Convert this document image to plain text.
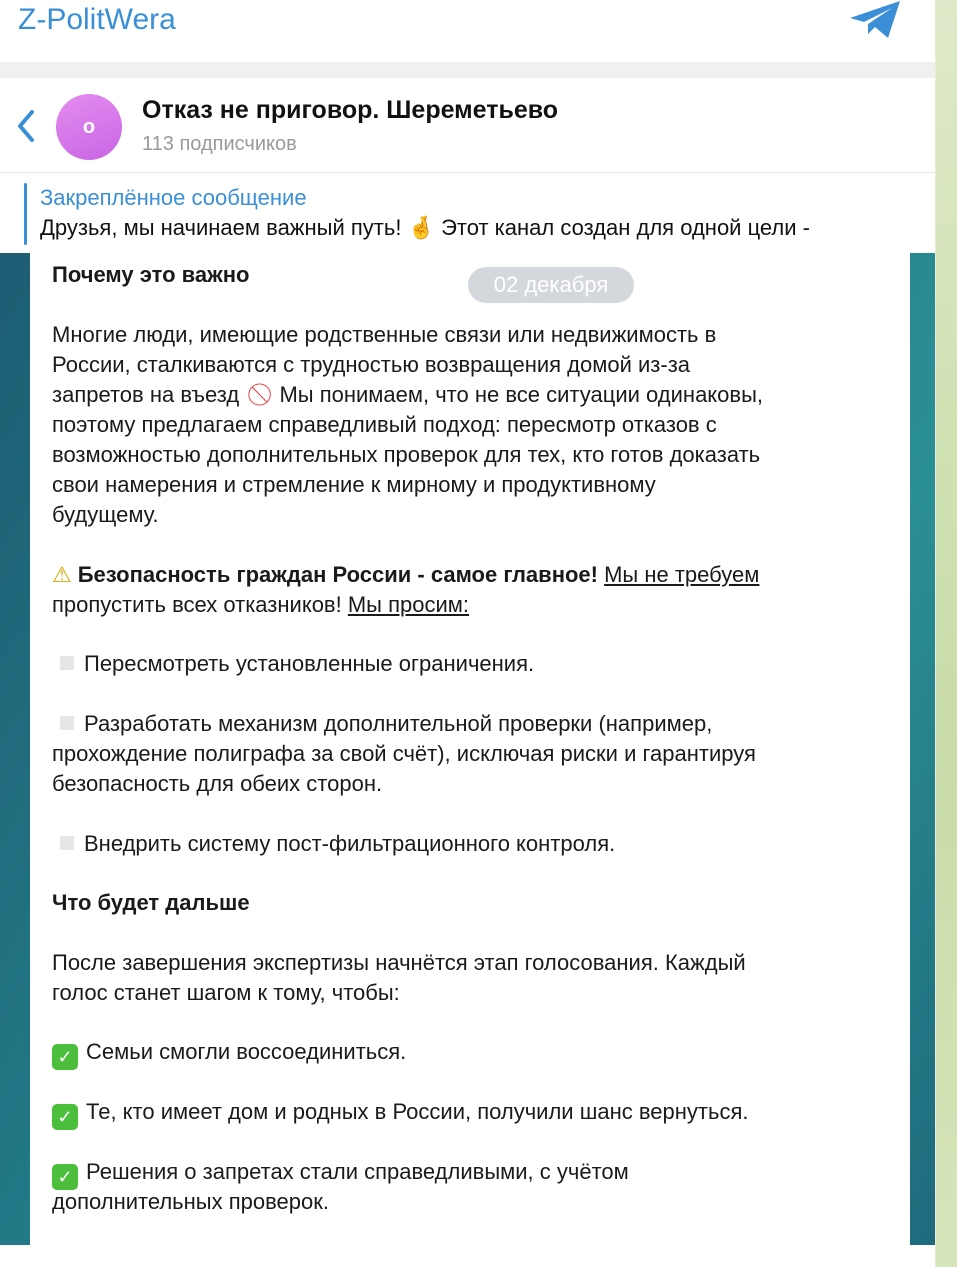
Z-PolitWera
o
Отказ не приговор. Шереметьево
113 подписчиков
Закреплённое сообщение
Друзья, мы начинаем важный путь! 🤞 Этот канал создан для одной цели -
02 декабря
Почему это важно
Многие люди, имеющие родственные связи или недвижимость в
России, сталкиваются с трудностью возвращения домой из-за
запретов на въезд 🚫︎ Мы понимаем, что не все ситуации одинаковы,
поэтому предлагаем справедливый подход: пересмотр отказов с
возможностью дополнительных проверок для тех, кто готов доказать
свои намерения и стремление к мирному и продуктивному
будущему.
⚠ Безопасность граждан России - самое главное! Мы не требуем
пропустить всех отказников! Мы просим:
Пересмотреть установленные ограничения.
Разработать механизм дополнительной проверки (например,
прохождение полиграфа за свой счёт), исключая риски и гарантируя
безопасность для обеих сторон.
Внедрить систему пост-фильтрационного контроля.
Что будет дальше
После завершения экспертизы начнётся этап голосования. Каждый
голос станет шагом к тому, чтобы:
✓ Семьи смогли воссоединиться.
✓ Те, кто имеет дом и родных в России, получили шанс вернуться.
✓ Решения о запретах стали справедливыми, с учётом
дополнительных проверок.
